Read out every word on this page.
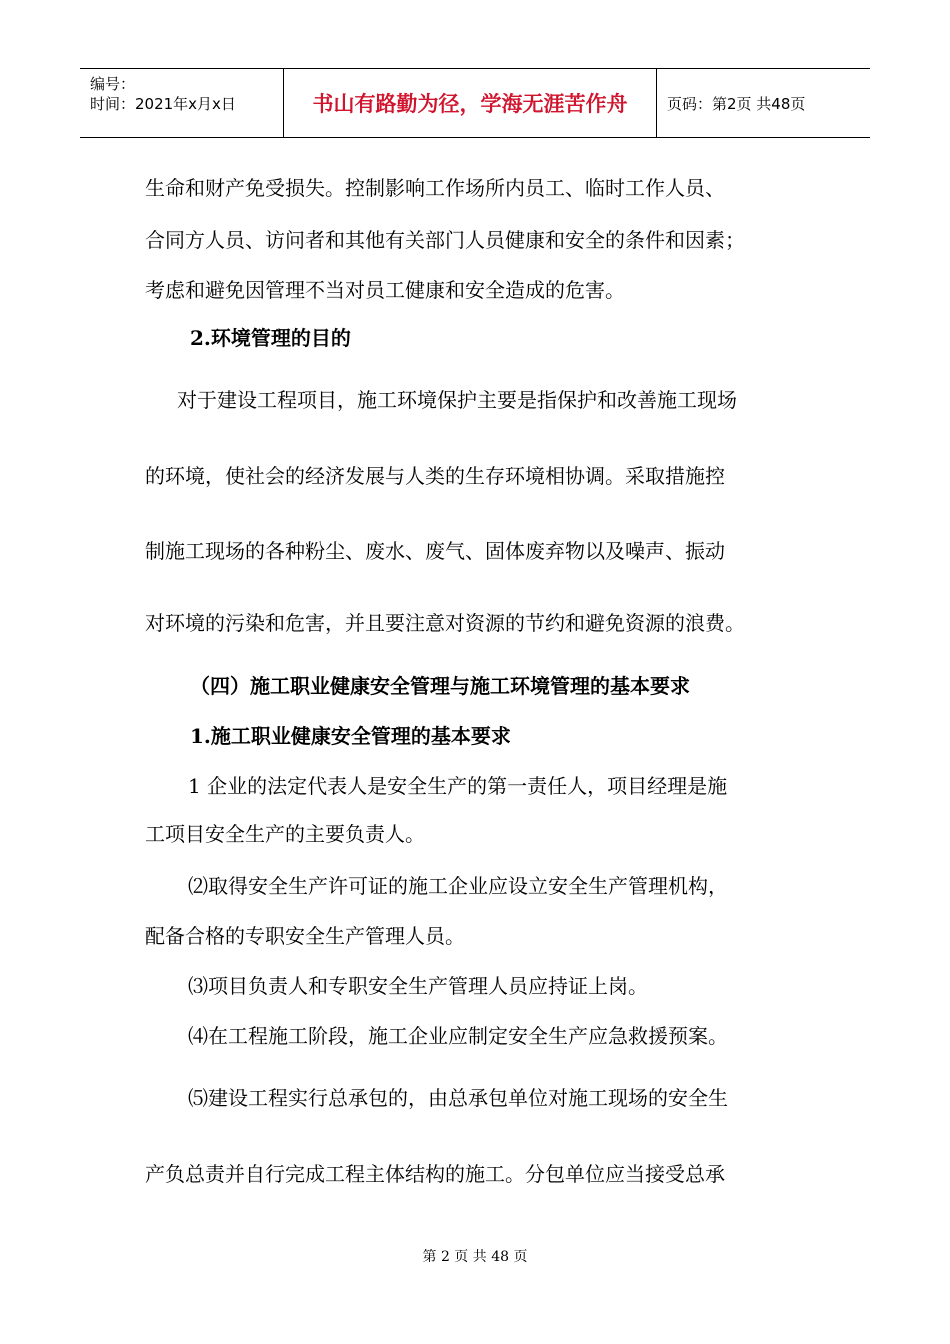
编号：
时间：2021年x月x日	书山有路勤为径，学海无涯苦作舟	页码：第2页 共48页
生命和财产免受损失。控制影响工作场所内员工、临时工作人员、
合同方人员、访问者和其他有关部门人员健康和安全的条件和因素；
考虑和避免因管理不当对员工健康和安全造成的危害。
2.环境管理的目的
对于建设工程项目，施工环境保护主要是指保护和改善施工现场
的环境，使社会的经济发展与人类的生存环境相协调。采取措施控
制施工现场的各种粉尘、废水、废气、固体废弃物以及噪声、振动
对环境的污染和危害，并且要注意对资源的节约和避免资源的浪费。
（四）施工职业健康安全管理与施工环境管理的基本要求
1.施工职业健康安全管理的基本要求
1 企业的法定代表人是安全生产的第一责任人，项目经理是施
工项目安全生产的主要负责人。
⑵取得安全生产许可证的施工企业应设立安全生产管理机构，
配备合格的专职安全生产管理人员。
⑶项目负责人和专职安全生产管理人员应持证上岗。
⑷在工程施工阶段，施工企业应制定安全生产应急救援预案。
⑸建设工程实行总承包的，由总承包单位对施工现场的安全生
产负总责并自行完成工程主体结构的施工。分包单位应当接受总承
第 2 页 共 48 页
